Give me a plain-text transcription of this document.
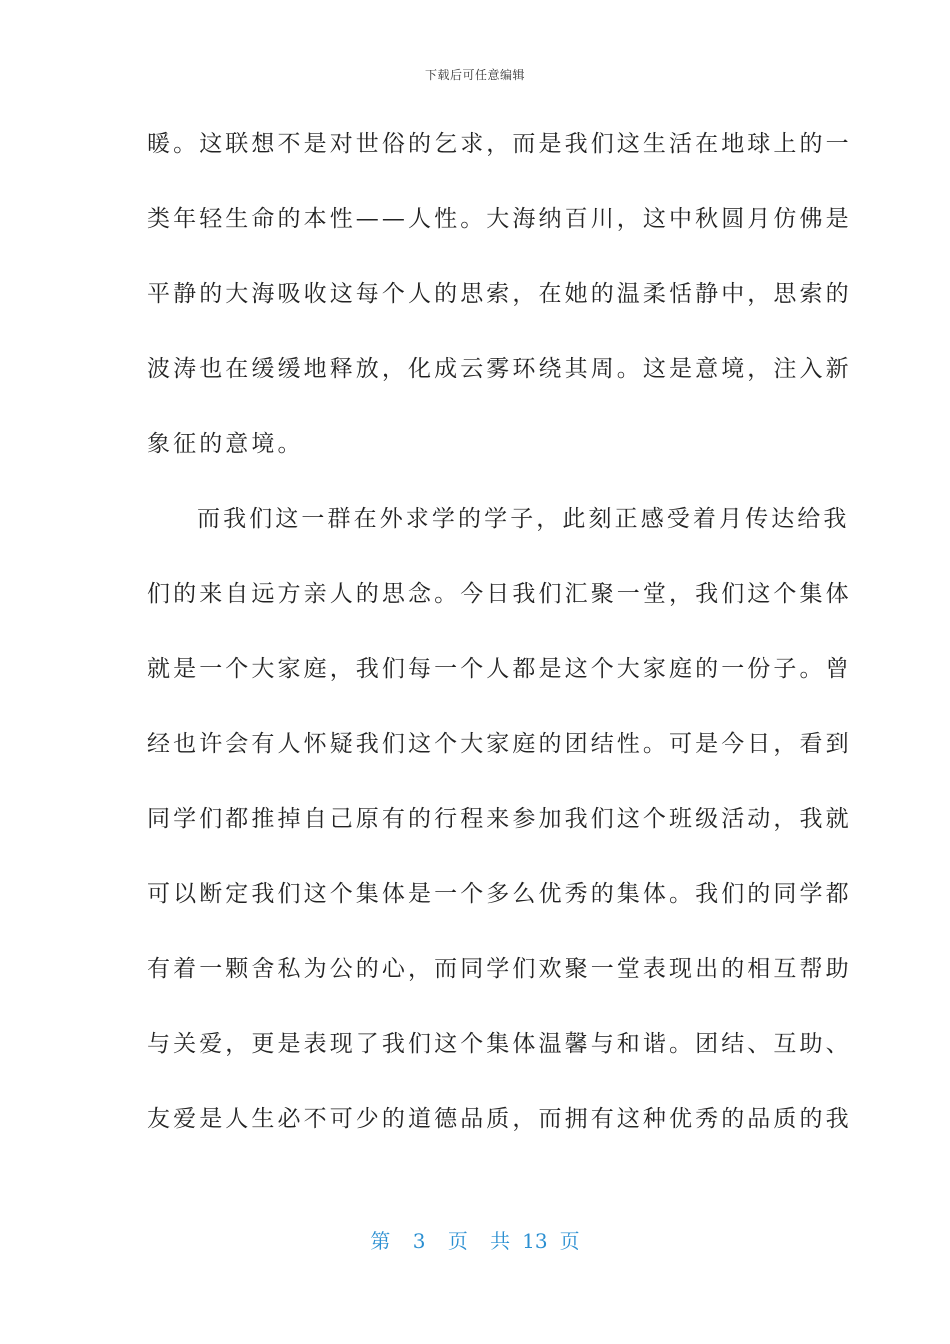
下载后可任意编辑
暖。这联想不是对世俗的乞求，而是我们这生活在地球上的一
类年轻生命的本性——人性。大海纳百川，这中秋圆月仿佛是
平静的大海吸收这每个人的思索，在她的温柔恬静中，思索的
波涛也在缓缓地释放，化成云雾环绕其周。这是意境，注入新
象征的意境。
而我们这一群在外求学的学子，此刻正感受着月传达给我
们的来自远方亲人的思念。今日我们汇聚一堂，我们这个集体
就是一个大家庭，我们每一个人都是这个大家庭的一份子。曾
经也许会有人怀疑我们这个大家庭的团结性。可是今日，看到
同学们都推掉自己原有的行程来参加我们这个班级活动，我就
可以断定我们这个集体是一个多么优秀的集体。我们的同学都
有着一颗舍私为公的心，而同学们欢聚一堂表现出的相互帮助
与关爱，更是表现了我们这个集体温馨与和谐。团结、互助、
友爱是人生必不可少的道德品质，而拥有这种优秀的品质的我
第 3 页 共 13 页
